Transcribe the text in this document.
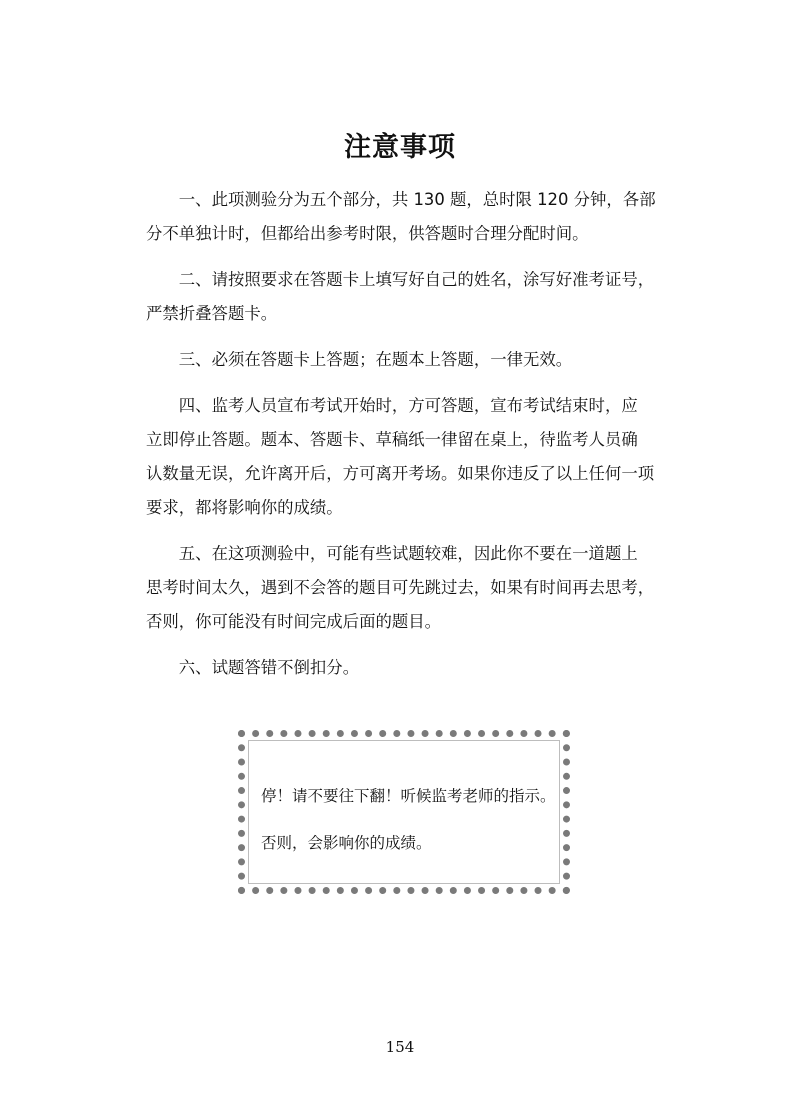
注意事项
一、此项测验分为五个部分，共 130 题，总时限 120 分钟，各部
分不单独计时，但都给出参考时限，供答题时合理分配时间。
二、请按照要求在答题卡上填写好自己的姓名，涂写好准考证号，
严禁折叠答题卡。
三、必须在答题卡上答题；在题本上答题，一律无效。
四、监考人员宣布考试开始时，方可答题，宣布考试结束时，应
立即停止答题。题本、答题卡、草稿纸一律留在桌上，待监考人员确
认数量无误，允许离开后，方可离开考场。如果你违反了以上任何一项
要求，都将影响你的成绩。
五、在这项测验中，可能有些试题较难，因此你不要在一道题上
思考时间太久，遇到不会答的题目可先跳过去，如果有时间再去思考，
否则，你可能没有时间完成后面的题目。
六、试题答错不倒扣分。
停！请不要往下翻！听候监考老师的指示。
否则，会影响你的成绩。
154
